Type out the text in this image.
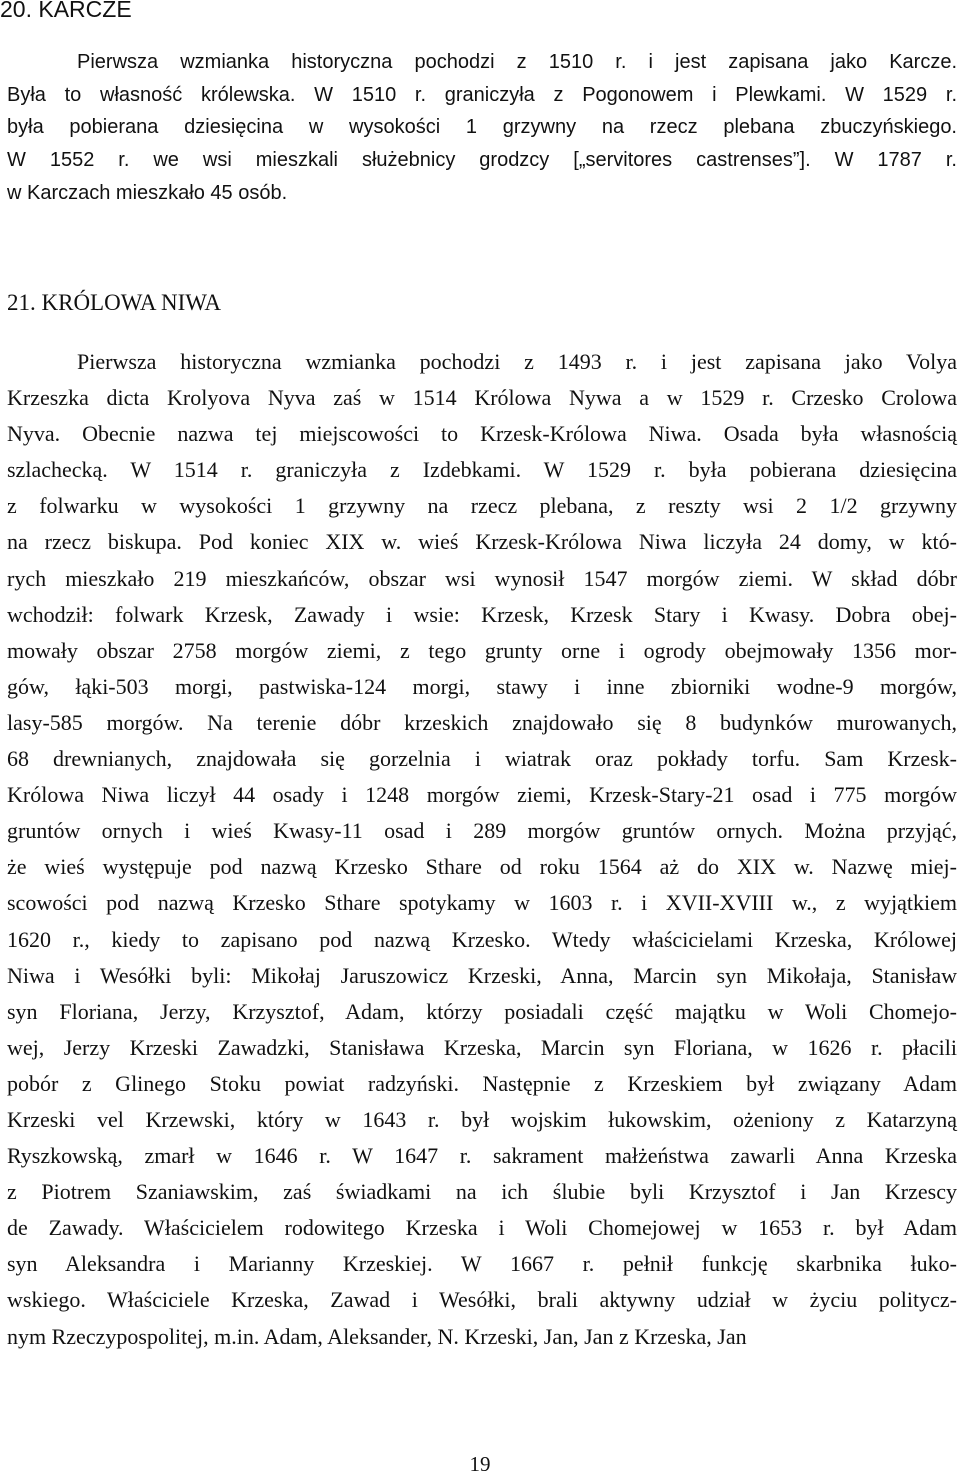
20. KARCZE
Pierwsza wzmianka historyczna pochodzi z 1510 r. i jest zapisana jako Karcze.
Była to własność królewska. W 1510 r. graniczyła z Pogonowem i Plewkami. W 1529 r.
była pobierana dziesięcina w wysokości 1 grzywny na rzecz plebana zbuczyńskiego.
W 1552 r. we wsi mieszkali służebnicy grodzcy [„servitores castrenses”]. W 1787 r.
w Karczach mieszkało 45 osób.
21. KRÓLOWA NIWA
Pierwsza historyczna wzmianka pochodzi z 1493 r. i jest zapisana jako Volya
Krzeszka dicta Krolyova Nyva zaś w 1514 Królowa Nywa a w 1529 r. Crzesko Crolowa
Nyva. Obecnie nazwa tej miejscowości to Krzesk-Królowa Niwa. Osada była własnością
szlachecką. W 1514 r. graniczyła z Izdebkami. W 1529 r. była pobierana dziesięcina
z folwarku w wysokości 1 grzywny na rzecz plebana, z reszty wsi 2 1/2 grzywny
na rzecz biskupa. Pod koniec XIX w. wieś Krzesk-Królowa Niwa liczyła 24 domy, w któ-
rych mieszkało 219 mieszkańców, obszar wsi wynosił 1547 morgów ziemi. W skład dóbr
wchodził: folwark Krzesk, Zawady i wsie: Krzesk, Krzesk Stary i Kwasy. Dobra obej-
mowały obszar 2758 morgów ziemi, z tego grunty orne i ogrody obejmowały 1356 mor-
gów, łąki-503 morgi, pastwiska-124 morgi, stawy i inne zbiorniki wodne-9 morgów,
lasy-585 morgów. Na terenie dóbr krzeskich znajdowało się 8 budynków murowanych,
68 drewnianych, znajdowała się gorzelnia i wiatrak oraz pokłady torfu. Sam Krzesk-
Królowa Niwa liczył 44 osady i 1248 morgów ziemi, Krzesk-Stary-21 osad i 775 morgów
gruntów ornych i wieś Kwasy-11 osad i 289 morgów gruntów ornych. Można przyjąć,
że wieś występuje pod nazwą Krzesko Sthare od roku 1564 aż do XIX w. Nazwę miej-
scowości pod nazwą Krzesko Sthare spotykamy w 1603 r. i XVII-XVIII w., z wyjątkiem
1620 r., kiedy to zapisano pod nazwą Krzesko. Wtedy właścicielami Krzeska, Królowej
Niwa i Wesółki byli: Mikołaj Jaruszowicz Krzeski, Anna, Marcin syn Mikołaja, Stanisław
syn Floriana, Jerzy, Krzysztof, Adam, którzy posiadali część majątku w Woli Chomejo-
wej, Jerzy Krzeski Zawadzki, Stanisława Krzeska, Marcin syn Floriana, w 1626 r. płacili
pobór z Glinego Stoku powiat radzyński. Następnie z Krzeskiem był związany Adam
Krzeski vel Krzewski, który w 1643 r. był wojskim łukowskim, ożeniony z Katarzyną
Ryszkowską, zmarł w 1646 r. W 1647 r. sakrament małżeństwa zawarli Anna Krzeska
z Piotrem Szaniawskim, zaś świadkami na ich ślubie byli Krzysztof i Jan Krzescy
de Zawady. Właścicielem rodowitego Krzeska i Woli Chomejowej w 1653 r. był Adam
syn Aleksandra i Marianny Krzeskiej. W 1667 r. pełnił funkcję skarbnika łuko-
wskiego. Właściciele Krzeska, Zawad i Wesółki, brali aktywny udział w życiu politycz-
nym Rzeczypospolitej, m.in. Adam, Aleksander, N. Krzeski, Jan, Jan z Krzeska, Jan
19
